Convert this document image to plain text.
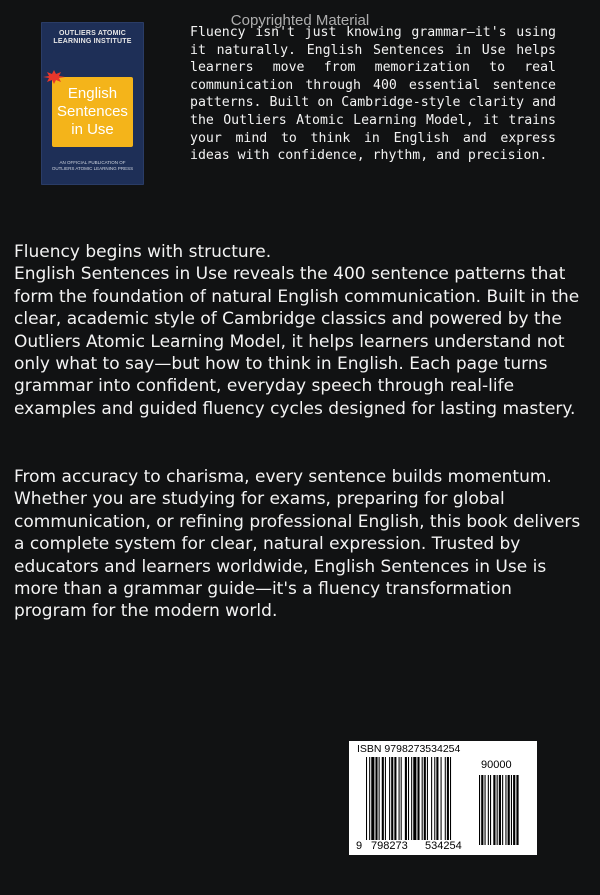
Copyrighted Material
OUTLIERS ATOMIC
LEARNING INSTITUTE
English
Sentences
in Use
AN OFFICIAL PUBLICATION OF
OUTLIERS ATOMIC LEARNING PRESS
Fluency isn't just knowing grammar—it's using it naturally. English Sentences in Use helps learners move from memorization to real communication through 400 essential sentence patterns. Built on Cambridge-style clarity and the Outliers Atomic Learning Model, it trains your mind to think in English and express ideas with confidence, rhythm, and precision.

Fluency begins with structure.

English Sentences in Use reveals the 400 sentence patterns that form the foundation of natural English communication. Built in the clear, academic style of Cambridge classics and powered by the Outliers Atomic Learning Model, it helps learners understand not only what to say—but how to think in English. Each page turns grammar into confident, everyday speech through real-life examples and guided fluency cycles designed for lasting mastery.

From accuracy to charisma, every sentence builds momentum.

Whether you are studying for exams, preparing for global communication, or refining professional English, this book delivers a complete system for clear, natural expression. Trusted by educators and learners worldwide, English Sentences in Use is more than a grammar guide—it's a fluency transformation program for the modern world.

ISBN 9798273534254
90000
9 798273 534254
